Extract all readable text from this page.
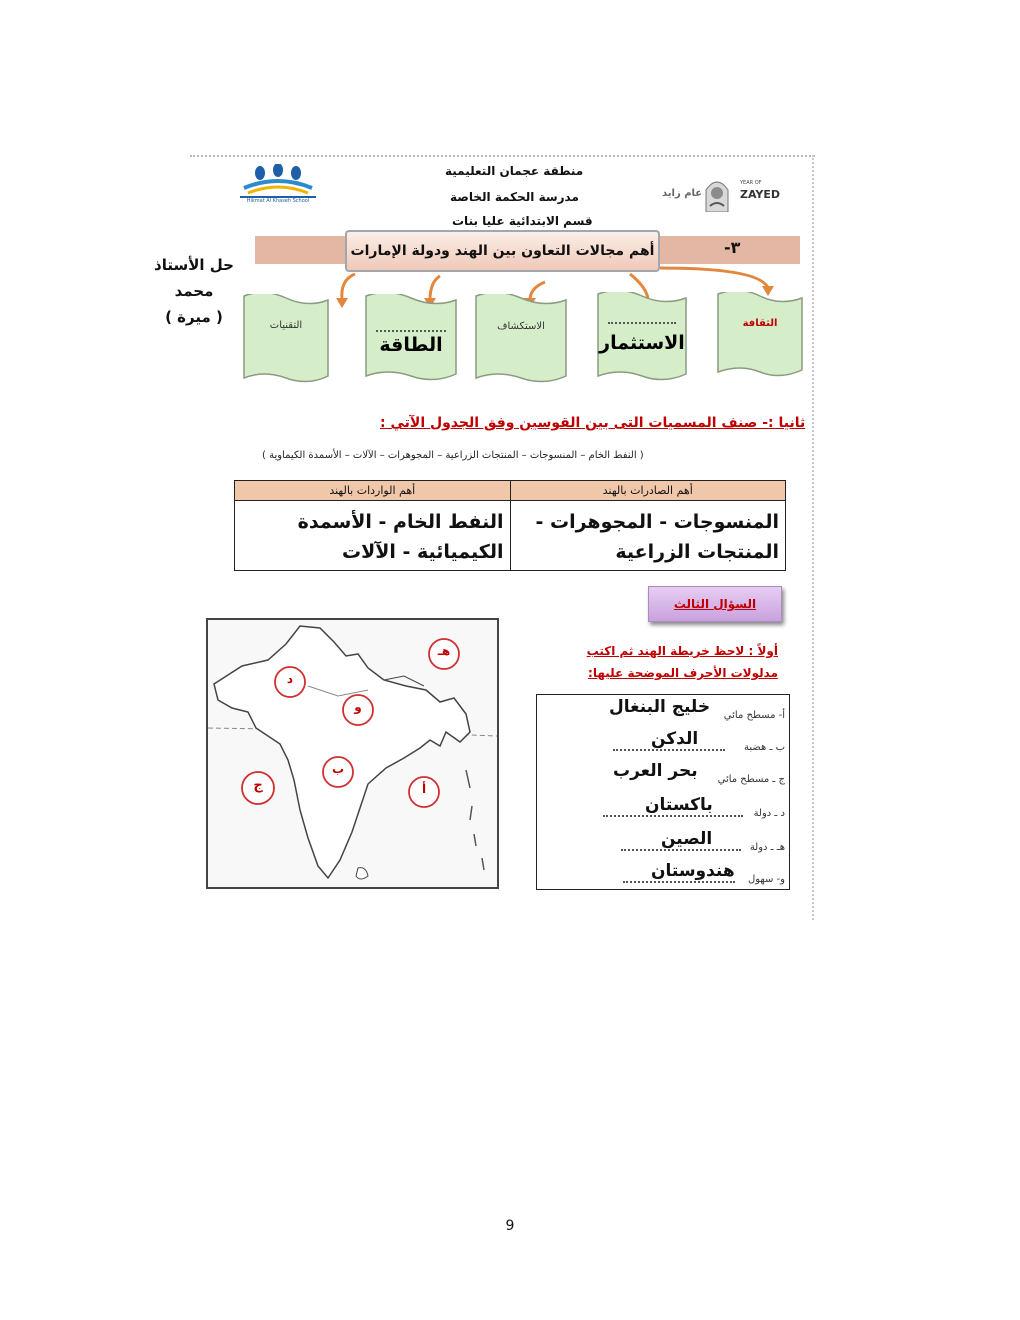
منطقة عجمان التعليمية
مدرسة الحكمة الخاصة
قسم الابتدائية عليا بنات
Hikmat Al Khaseh School
عام زايد
YEAR OF
ZAYED
-٣
أهم مجالات التعاون بين الهند ودولة الإمارات
حل الأستاذ محمد
( ميرة )	الثقافة
الاستثمار
الاستكشاف
الطاقة
التقنيات
ثانيا :- صنف المسميات التى بين القوسين وفق الجدول الآتي :
( النفط الخام – المنسوجات – المنتجات الزراعية – المجوهرات – الآلات – الأسمدة الكيماوية )
أهم الصادرات بالهند	أهم الواردات بالهند
المنسوجات - المجوهرات - المنتجات الزراعية	النفط الخام - الأسمدة الكيميائية - الآلات
السؤال الثالث
هـ
د
و
ب
ج	أ
أولاً : لاحظ خريطة الهند ثم اكتب
مدلولات الأحرف الموضحة عليها:
أ- مسطح مائي
خليج البنغال
ب ـ هضبة
الدكن
ج ـ مسطح مائي
بحر العرب
د ـ دولة
باكستان
هـ ـ دولة
الصين
و- سهول
هندوستان
9
